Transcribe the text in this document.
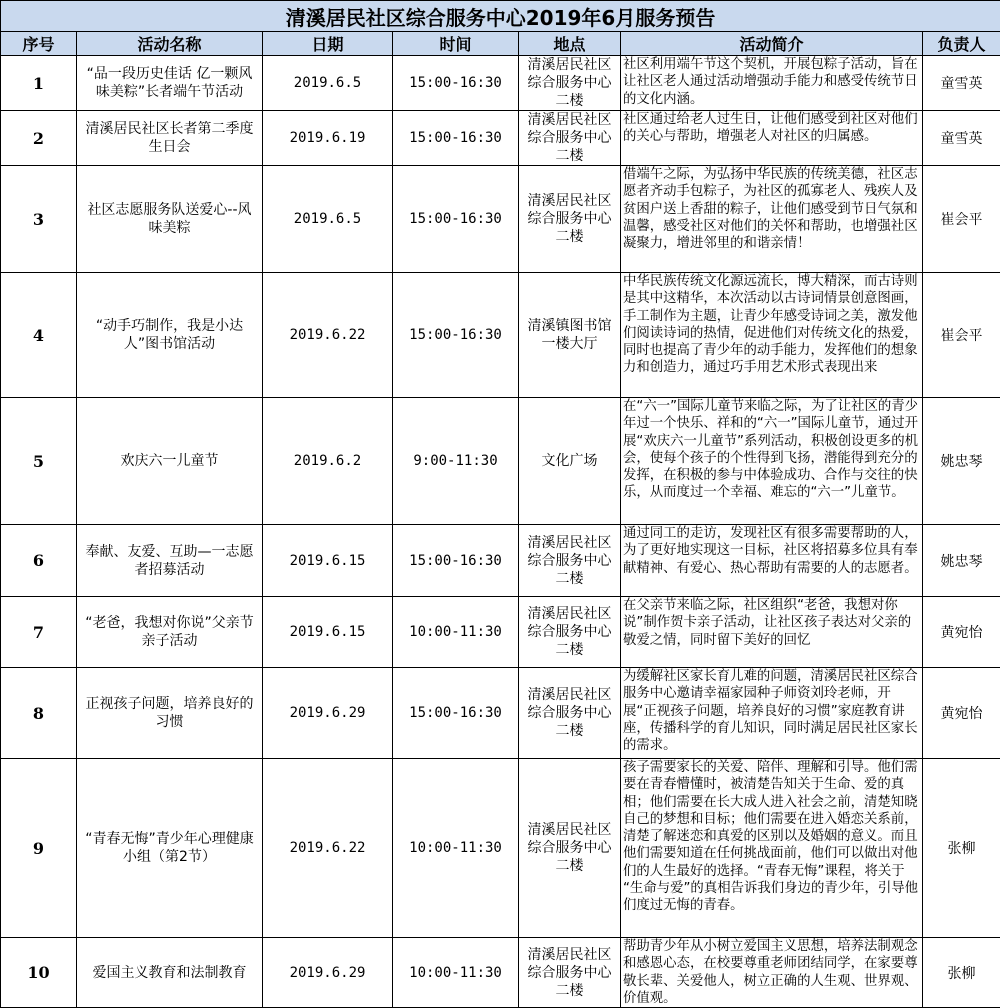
清溪居民社区综合服务中心2019年6月服务预告						
序号	活动名称	日期	时间	地点	活动简介	负责人
1	“品一段历史佳话 亿一颗风味美粽”长者端午节活动	2019.6.5	15:00-16:30	清溪居民社区综合服务中心二楼	社区利用端午节这个契机，开展包粽子活动，旨在让社区老人通过活动增强动手能力和感受传统节日的文化内涵。	童雪英
2	清溪居民社区长者第二季度生日会	2019.6.19	15:00-16:30	清溪居民社区综合服务中心二楼	社区通过给老人过生日，让他们感受到社区对他们的关心与帮助，增强老人对社区的归属感。	童雪英
3	社区志愿服务队送爱心--风味美粽	2019.6.5	15:00-16:30	清溪居民社区综合服务中心二楼	借端午之际，为弘扬中华民族的传统美德，社区志愿者齐动手包粽子，为社区的孤寡老人、残疾人及贫困户送上香甜的粽子，让他们感受到节日气氛和温馨，感受社区对他们的关怀和帮助，也增强社区凝聚力，增进邻里的和谐亲情！	崔会平
4	“动手巧制作，我是小达人”图书馆活动	2019.6.22	15:00-16:30	清溪镇图书馆一楼大厅	中华民族传统文化源远流长，博大精深，而古诗则是其中这精华，本次活动以古诗词情景创意图画，手工制作为主题，让青少年感受诗词之美，激发他们阅读诗词的热情，促进他们对传统文化的热爱，同时也提高了青少年的动手能力，发挥他们的想象力和创造力，通过巧手用艺术形式表现出来	崔会平
5	欢庆六一儿童节	2019.6.2	9:00-11:30	文化广场	在“六一”国际儿童节来临之际，为了让社区的青少年过一个快乐、祥和的“六一”国际儿童节，通过开展“欢庆六一儿童节”系列活动，积极创设更多的机会，使每个孩子的个性得到飞扬，潜能得到充分的发挥，在积极的参与中体验成功、合作与交往的快乐，从而度过一个幸福、难忘的“六一”儿童节。	姚忠琴
6	奉献、友爱、互助—一志愿者招募活动	2019.6.15	15:00-16:30	清溪居民社区综合服务中心二楼	通过同工的走访，发现社区有很多需要帮助的人，为了更好地实现这一目标，社区将招募多位具有奉献精神、有爱心、热心帮助有需要的人的志愿者。	姚忠琴
7	“老爸，我想对你说”父亲节亲子活动	2019.6.15	10:00-11:30	清溪居民社区综合服务中心二楼	在父亲节来临之际，社区组织“老爸，我想对你说”制作贺卡亲子活动，让社区孩子表达对父亲的敬爱之情，同时留下美好的回忆	黄宛怡
8	正视孩子问题，培养良好的习惯	2019.6.29	15:00-16:30	清溪居民社区综合服务中心二楼	为缓解社区家长育儿难的问题，清溪居民社区综合服务中心邀请幸福家园种子师资刘玲老师，开展“正视孩子问题，培养良好的习惯”家庭教育讲座，传播科学的育儿知识，同时满足居民社区家长的需求。	黄宛怡
9	“青春无悔”青少年心理健康小组（第2节）	2019.6.22	10:00-11:30	清溪居民社区综合服务中心二楼	孩子需要家长的关爱、陪伴、理解和引导。他们需要在青春懵懂时，被清楚告知关于生命、爱的真相；他们需要在长大成人进入社会之前，清楚知晓自己的梦想和目标；他们需要在进入婚恋关系前，清楚了解迷恋和真爱的区别以及婚姻的意义。而且他们需要知道在任何挑战面前，他们可以做出对他们的人生最好的选择。“青春无悔”课程，将关于 “生命与爱”的真相告诉我们身边的青少年，引导他们度过无悔的青春。	张柳
10	爱国主义教育和法制教育	2019.6.29	10:00-11:30	清溪居民社区综合服务中心二楼	帮助青少年从小树立爱国主义思想，培养法制观念和感恩心态，在校要尊重老师团结同学，在家要尊敬长辈、关爱他人，树立正确的人生观、世界观、价值观。	张柳
